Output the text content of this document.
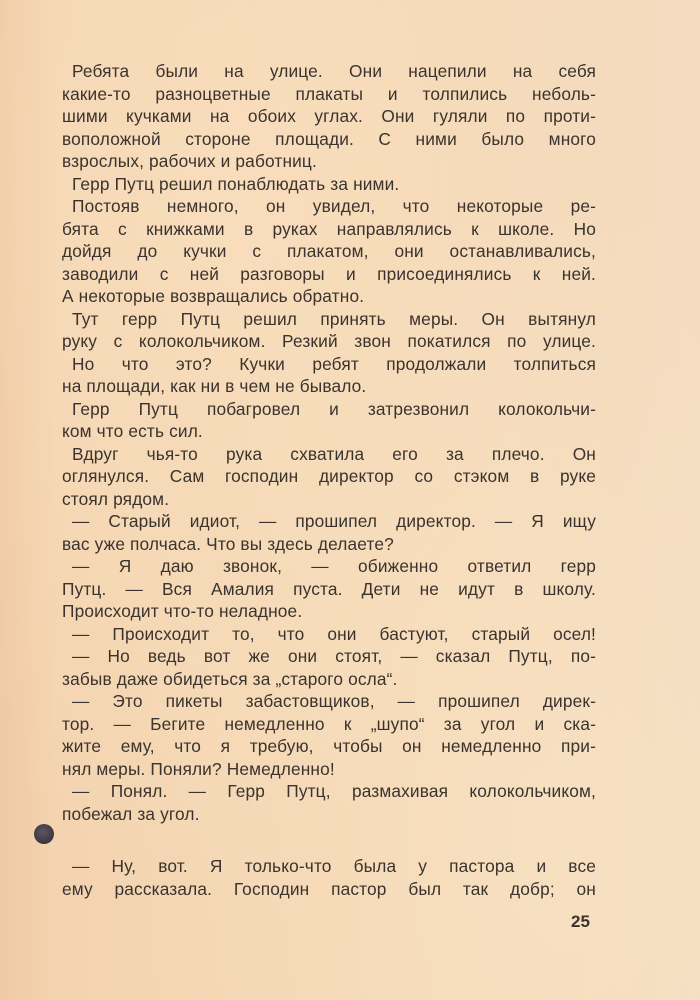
Ребята были на улице. Они нацепили на себя
какие-то разноцветные плакаты и толпились неболь-
шими кучками на обоих углах. Они гуляли по проти-
воположной стороне площади. С ними было много
взрослых, рабочих и работниц.
Герр Путц решил понаблюдать за ними.
Постояв немного, он увидел, что некоторые ре-
бята с книжками в руках направлялись к школе. Но
дойдя до кучки с плакатом, они останавливались,
заводили с ней разговоры и присоединялись к ней.
А некоторые возвращались обратно.
Тут герр Путц решил принять меры. Он вытянул
руку с колокольчиком. Резкий звон покатился по улице.
Но что это? Кучки ребят продолжали толпиться
на площади, как ни в чем не бывало.
Герр Путц побагровел и затрезвонил колокольчи-
ком что есть сил.
Вдруг чья-то рука схватила его за плечо. Он
оглянулся. Сам господин директор со стэком в руке
стоял рядом.
— Старый идиот, — прошипел директор. — Я ищу
вас уже полчаса. Что вы здесь делаете?
— Я даю звонок, — обиженно ответил герр
Путц. — Вся Амалия пуста. Дети не идут в школу.
Происходит что-то неладное.
— Происходит то, что они бастуют, старый осел!
— Но ведь вот же они стоят, — сказал Путц, по-
забыв даже обидеться за „старого осла“.
— Это пикеты забастовщиков, — прошипел дирек-
тор. — Бегите немедленно к „шупо“ за угол и ска-
жите ему, что я требую, чтобы он немедленно при-
нял меры. Поняли? Немедленно!
— Понял. — Герр Путц, размахивая колокольчиком,
побежал за угол.
— Ну, вот. Я только-что была у пастора и все
ему рассказала. Господин пастор был так добр; он
25
